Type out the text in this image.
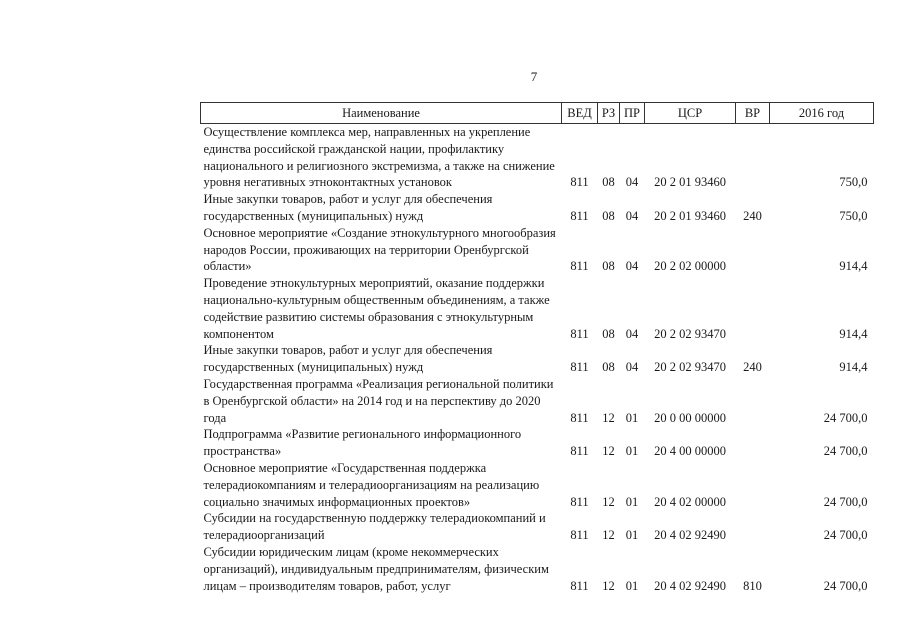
7
Наименование	ВЕД	РЗ	ПР	ЦСР	ВР	2016 год
Осуществление комплекса мер, направленных на укрепление единства российской гражданской нации, профилактику национального и религиозного экстремизма, а также на снижение уровня негативных этноконтактных установок	811	08	04	20 2 01 93460		750,0
Иные закупки товаров, работ и услуг для обеспечения государственных (муниципальных) нужд	811	08	04	20 2 01 93460	240	750,0
Основное мероприятие «Создание этнокультурного многообразия народов России, проживающих на территории Оренбургской области»	811	08	04	20 2 02 00000		914,4
Проведение этнокультурных мероприятий, оказание поддержки национально-культурным общественным объединениям, а также содействие развитию системы образования с этнокультурным компонентом	811	08	04	20 2 02 93470		914,4
Иные закупки товаров, работ и услуг для обеспечения государственных (муниципальных) нужд	811	08	04	20 2 02 93470	240	914,4
Государственная программа «Реализация региональной политики в Оренбургской области» на 2014 год и на перспективу до 2020 года	811	12	01	20 0 00 00000		24 700,0
Подпрограмма «Развитие регионального информационного пространства»	811	12	01	20 4 00 00000		24 700,0
Основное мероприятие «Государственная поддержка телерадиокомпаниям и телерадиоорганизациям на реализацию социально значимых информационных проектов»	811	12	01	20 4 02 00000		24 700,0
Субсидии на государственную поддержку телерадиокомпаний и телерадиоорганизаций	811	12	01	20 4 02 92490		24 700,0
Субсидии юридическим лицам (кроме некоммерческих организаций), индивидуальным предпринимателям, физическим лицам – производителям товаров, работ, услуг	811	12	01	20 4 02 92490	810	24 700,0
